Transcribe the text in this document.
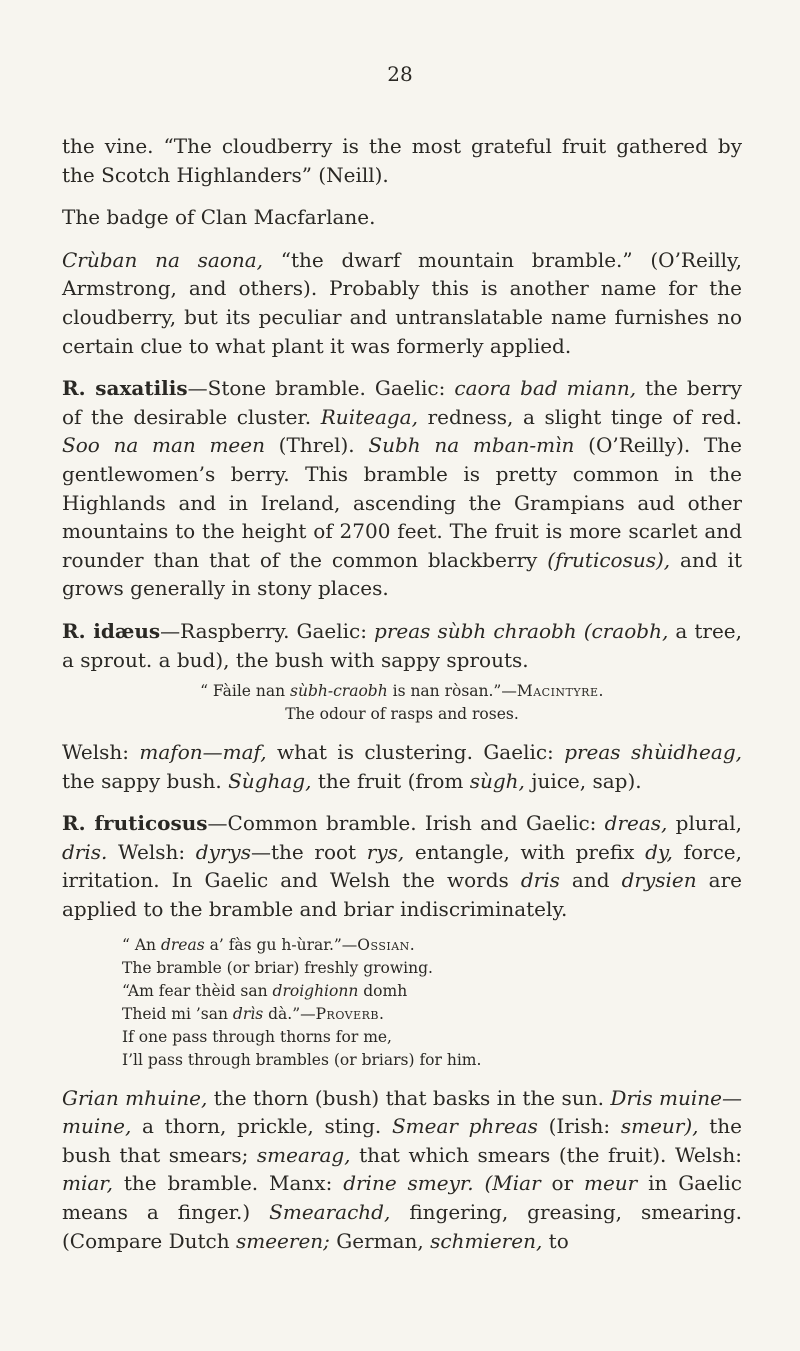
28

the vine. “The cloudberry is the most grateful fruit gathered by the Scotch Highlanders” (Neill).

The badge of Clan Macfarlane.

Crùban na saona, “the dwarf mountain bramble.” (O’Reilly, Armstrong, and others). Probably this is another name for the cloudberry, but its peculiar and untranslatable name furnishes no certain clue to what plant it was formerly applied.

R. saxatilis—Stone bramble. Gaelic: caora bad miann, the berry of the desirable cluster. Ruiteaga, redness, a slight tinge of red. Soo na man meen (Threl). Subh na mban-mìn (O’Reilly). The gentlewomen’s berry. This bramble is pretty common in the Highlands and in Ireland, ascending the Grampians aud other mountains to the height of 2700 feet. The fruit is more scarlet and rounder than that of the common blackberry (fruticosus), and it grows generally in stony places.

R. idæus—Raspberry. Gaelic: preas sùbh chraobh (craobh, a tree, a sprout. a bud), the bush with sappy sprouts.

“ Fàile nan sùbh-craobh is nan ròsan.”—Macintyre.
The odour of rasps and roses.

Welsh: mafon—maf, what is clustering. Gaelic: preas shùidheag, the sappy bush. Sùghag, the fruit (from sùgh, juice, sap).

R. fruticosus—Common bramble. Irish and Gaelic: dreas, plural, dris. Welsh: dyrys—the root rys, entangle, with prefix dy, force, irritation. In Gaelic and Welsh the words dris and drysien are applied to the bramble and briar indiscriminately.

“ An dreas a’ fàs gu h-ùrar.”—Ossian.
The bramble (or briar) freshly growing.
“Am fear thèid san droighionn domh
Theid mi ’san drìs dà.”—Proverb.
If one pass through thorns for me,
I’ll pass through brambles (or briars) for him.

Grian mhuine, the thorn (bush) that basks in the sun. Dris muine—muine, a thorn, prickle, sting. Smear phreas (Irish: smeur), the bush that smears; smearag, that which smears (the fruit). Welsh: miar, the bramble. Manx: drine smeyr. (Miar or meur in Gaelic means a finger.) Smearachd, fingering, greasing, smearing. (Compare Dutch smeeren; German, schmieren, to
